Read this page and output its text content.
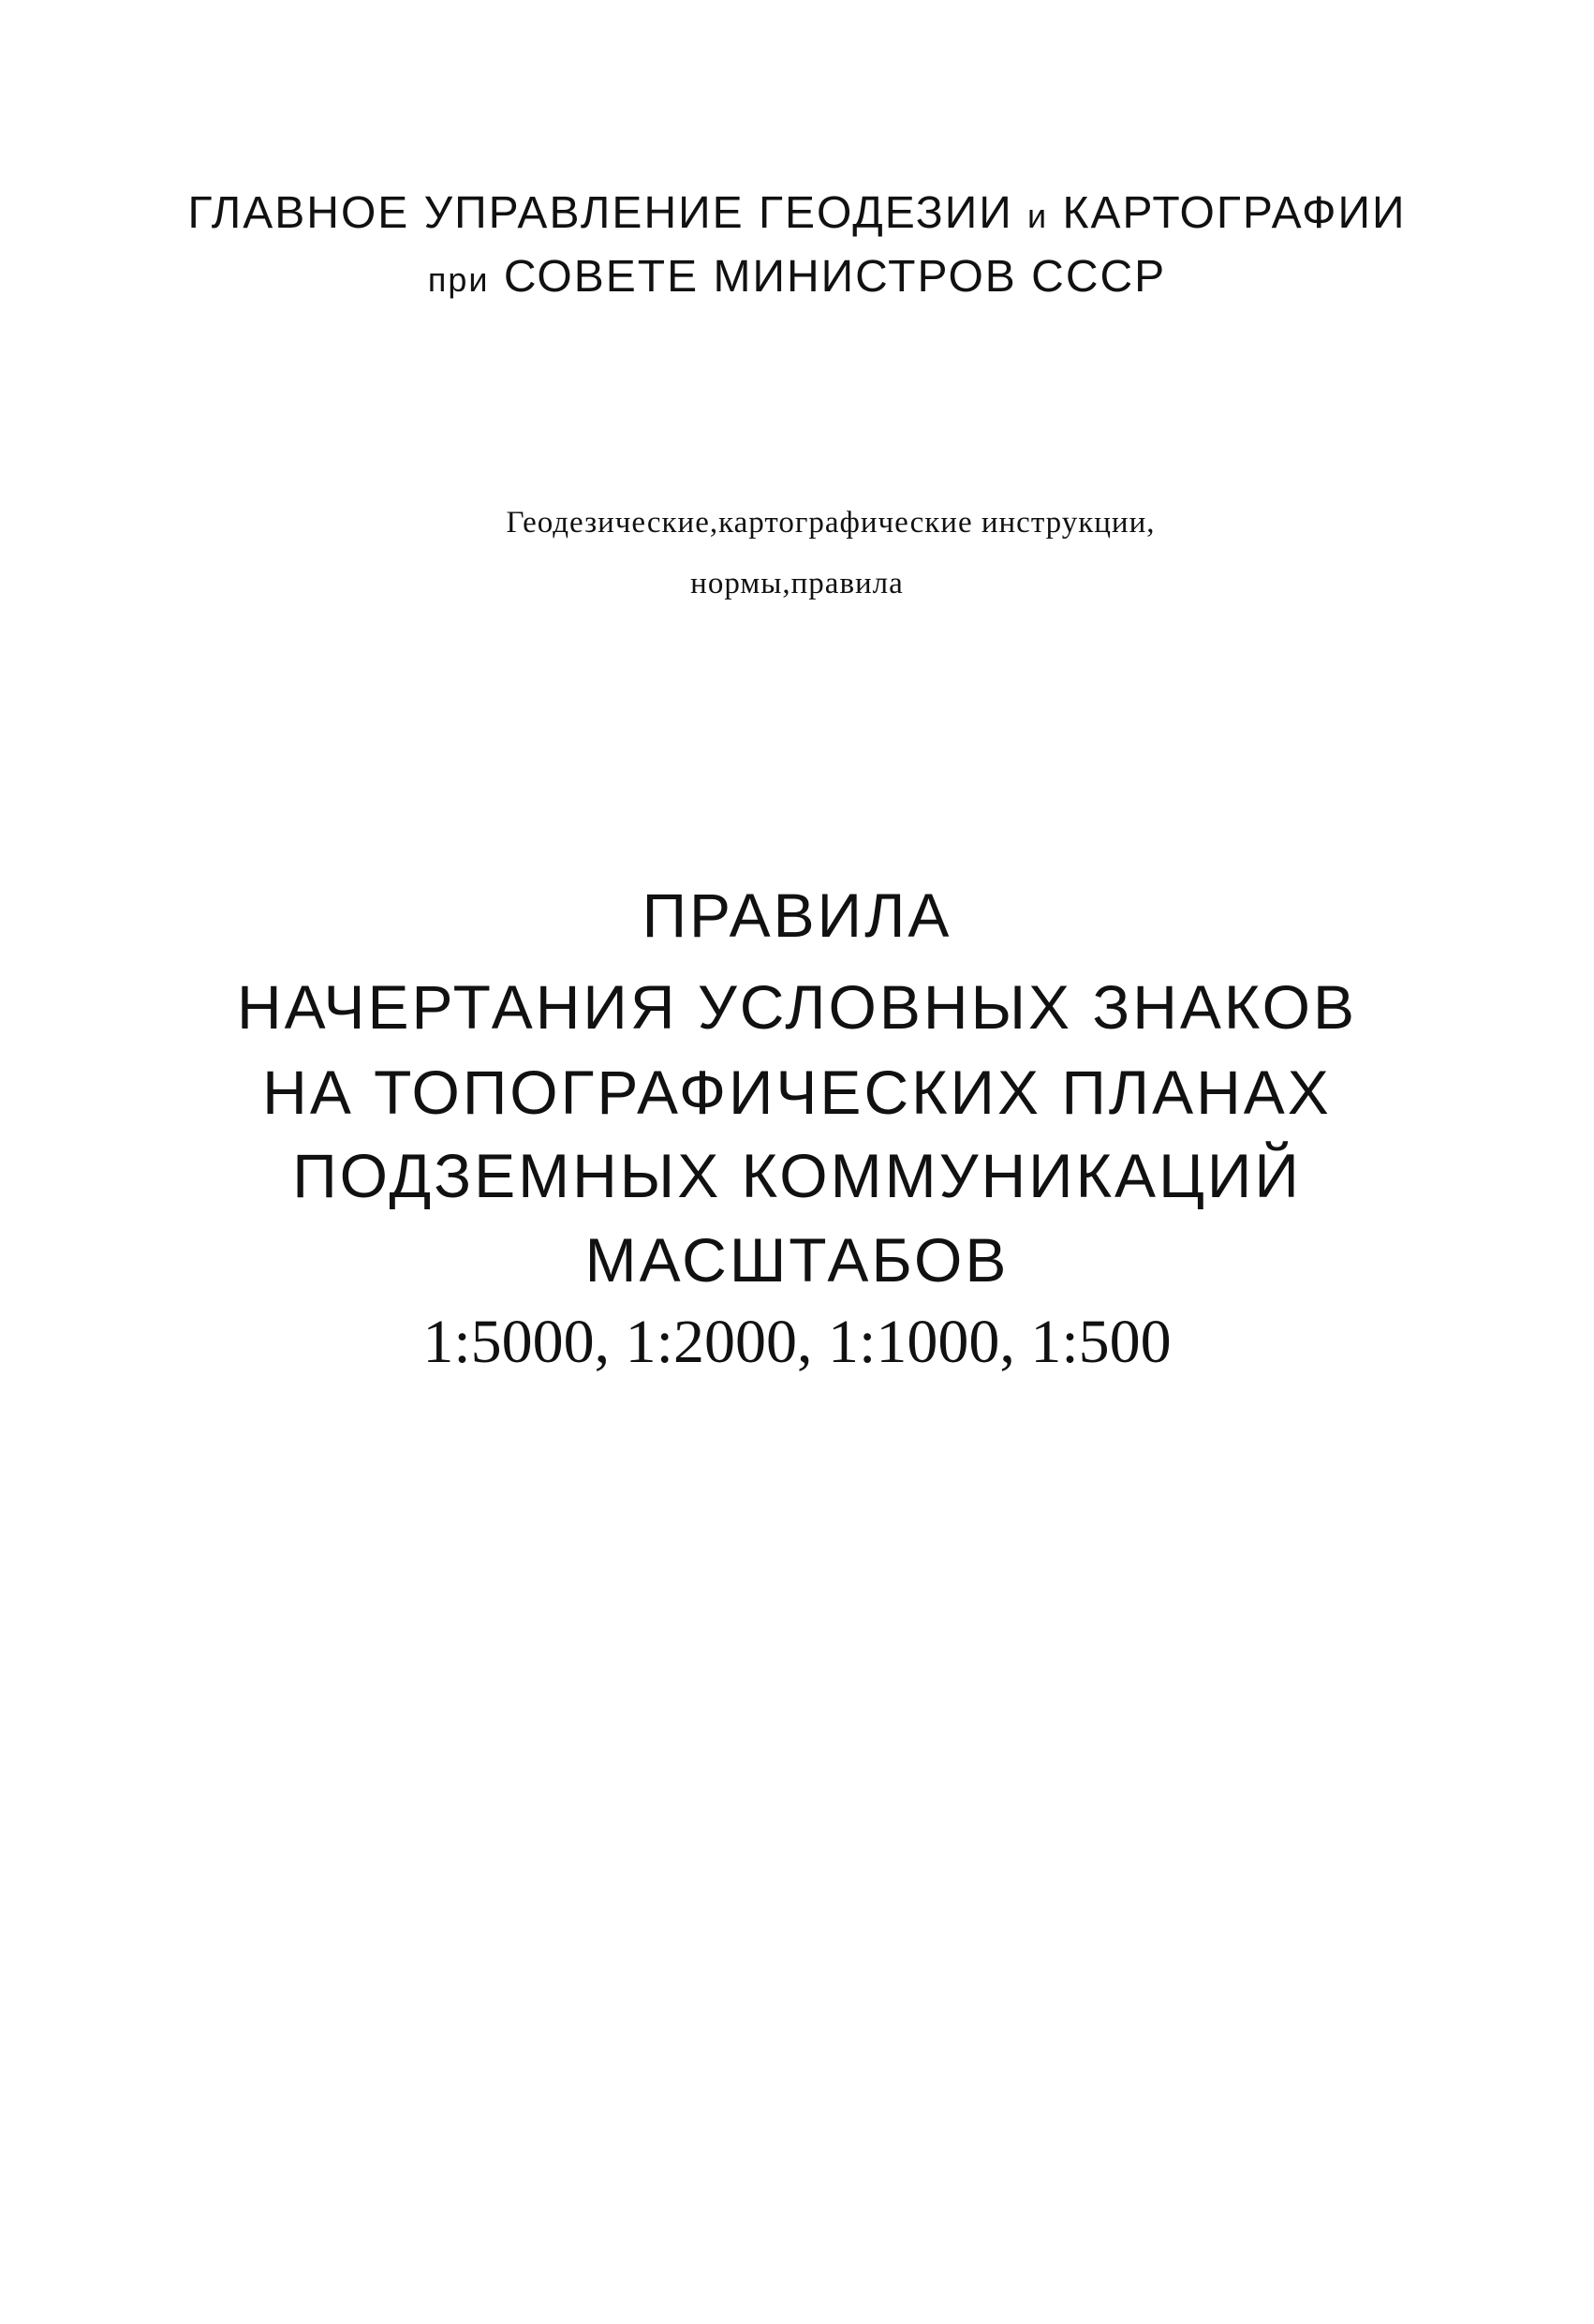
ГЛАВНОЕ УПРАВЛЕНИЕ ГЕОДЕЗИИ и КАРТОГРАФИИ
при СОВЕТЕ МИНИСТРОВ СССР
Геодезические,картографические инструкции,
нормы,правила
ПРАВИЛА
НАЧЕРТАНИЯ УСЛОВНЫХ ЗНАКОВ
НА ТОПОГРАФИЧЕСКИХ ПЛАНАХ
ПОДЗЕМНЫХ КОММУНИКАЦИЙ
МАСШТАБОВ
1:5000, 1:2000, 1:1000, 1:500
